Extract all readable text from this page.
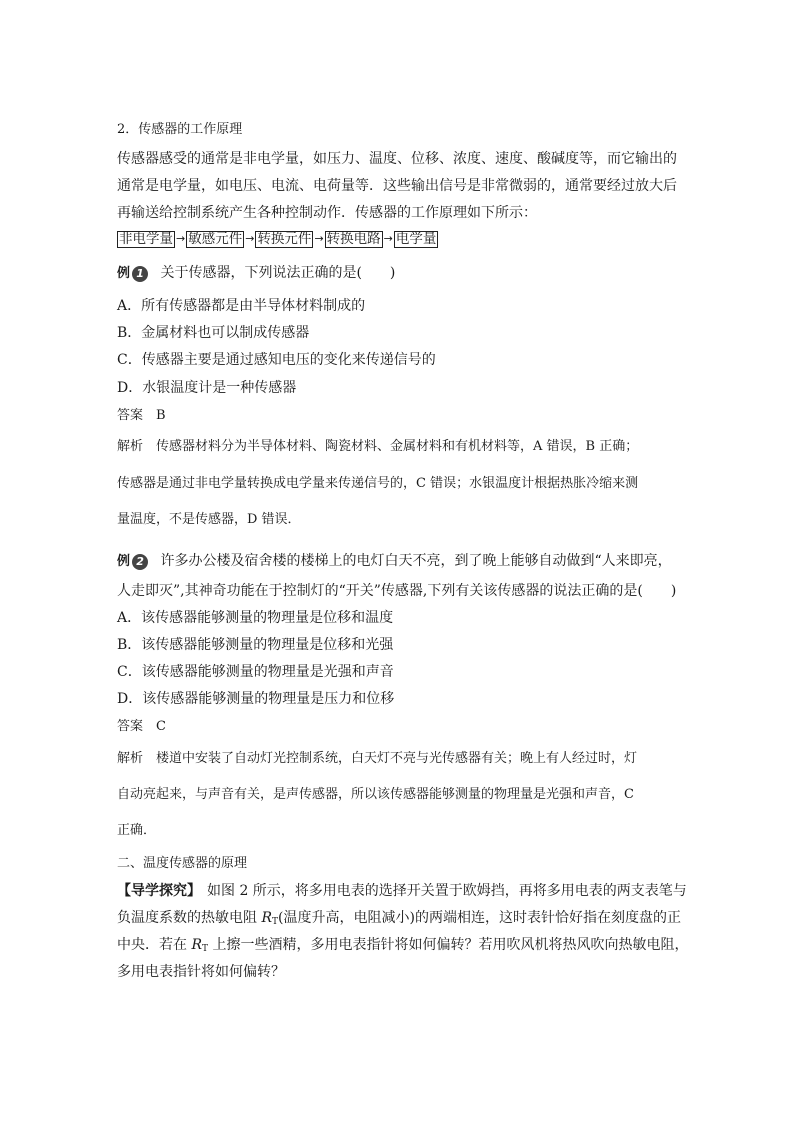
2．传感器的工作原理
传感器感受的通常是非电学量，如压力、温度、位移、浓度、速度、酸碱度等，而它输出的
通常是电学量，如电压、电流、电荷量等．这些输出信号是非常微弱的，通常要经过放大后
再输送给控制系统产生各种控制动作．传感器的工作原理如下所示：
非电学量 → 敏感元件 → 转换元件 → 转换电路 → 电学量
例 1 关于传感器，下列说法正确的是(　　)
A．所有传感器都是由半导体材料制成的
B．金属材料也可以制成传感器
C．传感器主要是通过感知电压的变化来传递信号的
D．水银温度计是一种传感器
答案　B
解析　传感器材料分为半导体材料、陶瓷材料、金属材料和有机材料等，A 错误，B 正确；
传感器是通过非电学量转换成电学量来传递信号的，C 错误；水银温度计根据热胀冷缩来测
量温度，不是传感器，D 错误．
例 2 许多办公楼及宿舍楼的楼梯上的电灯白天不亮，到了晚上能够自动做到“人来即亮，
人走即灭”,其神奇功能在于控制灯的“开关”传感器,下列有关该传感器的说法正确的是(　　)
A．该传感器能够测量的物理量是位移和温度
B．该传感器能够测量的物理量是位移和光强
C．该传感器能够测量的物理量是光强和声音
D．该传感器能够测量的物理量是压力和位移
答案　C
解析　楼道中安装了自动灯光控制系统，白天灯不亮与光传感器有关；晚上有人经过时，灯
自动亮起来，与声音有关，是声传感器，所以该传感器能够测量的物理量是光强和声音，C
正确．
二、温度传感器的原理
【导学探究】 如图 2 所示，将多用电表的选择开关置于欧姆挡，再将多用电表的两支表笔与
负温度系数的热敏电阻 $R_T$(温度升高，电阻减小)的两端相连，这时表针恰好指在刻度盘的正
中央．若在 $R_T$ 上擦一些酒精，多用电表指针将如何偏转？若用吹风机将热风吹向热敏电阻，
多用电表指针将如何偏转？
